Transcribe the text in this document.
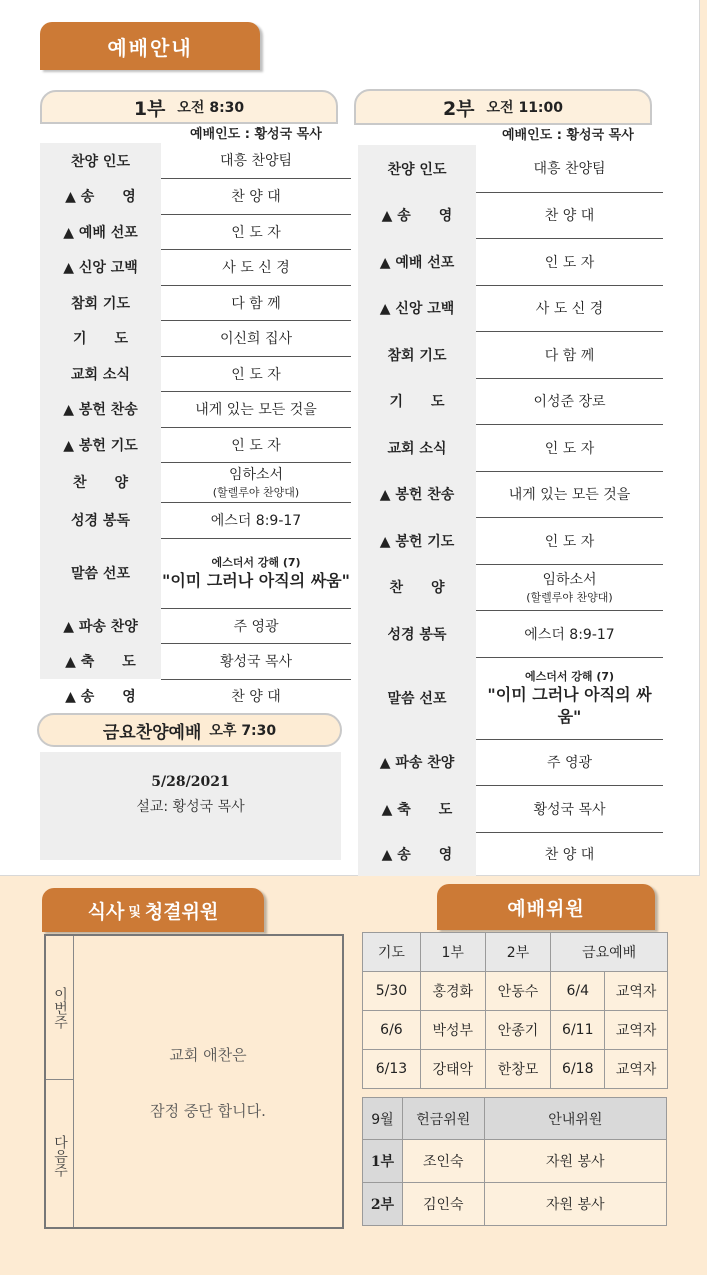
예배안내
1부 오전 8:30
예배인도 : 황성국 목사
2부 오전 11:00
예배인도 : 황성국 목사
찬양 인도	대흥 찬양팀
▲ 송　　영	찬 양 대
▲ 예배 선포	인 도 자
▲ 신앙 고백	사 도 신 경
참회 기도	다 함 께
기　　도	이신희 집사
교회 소식	인 도 자
▲ 봉헌 찬송	내게 있는 모든 것을
▲ 봉헌 기도	인 도 자
찬　　양	임하소서
(할렐루야 찬양대)

성경 봉독	에스더 8:9-17
말씀 선포	에스더서 강해 (7)
"이미 그러나 아직의 싸움"

▲ 파송 찬양	주 영광
▲ 축　　도	황성국 목사
▲ 송　　영	찬 양 대
찬양 인도	대흥 찬양팀
▲ 송　　영	찬 양 대
▲ 예배 선포	인 도 자
▲ 신앙 고백	사 도 신 경
참회 기도	다 함 께
기　　도	이성준 장로
교회 소식	인 도 자
▲ 봉헌 찬송	내게 있는 모든 것을
▲ 봉헌 기도	인 도 자
찬　　양	임하소서
(할렐루야 찬양대)

성경 봉독	에스더 8:9-17
말씀 선포	에스더서 강해 (7)
"이미 그러나 아직의 싸움"

▲ 파송 찬양	주 영광
▲ 축　　도	황성국 목사
▲ 송　　영	찬 양 대
금요찬양예배 오후 7:30
5/28/2021
설교: 황성국 목사
식사 및 청결위원
이번주
다음주
교회 애찬은
잠정 중단 합니다.
예배위원
기도	1부	2부	금요예배	
5/30	홍경화	안동수	6/4	교역자
6/6	박성부	안종기	6/11	교역자
6/13	강태악	한창모	6/18	교역자
9월	헌금위원	안내위원
1부	조인숙	자원 봉사
2부	김인숙	자원 봉사
